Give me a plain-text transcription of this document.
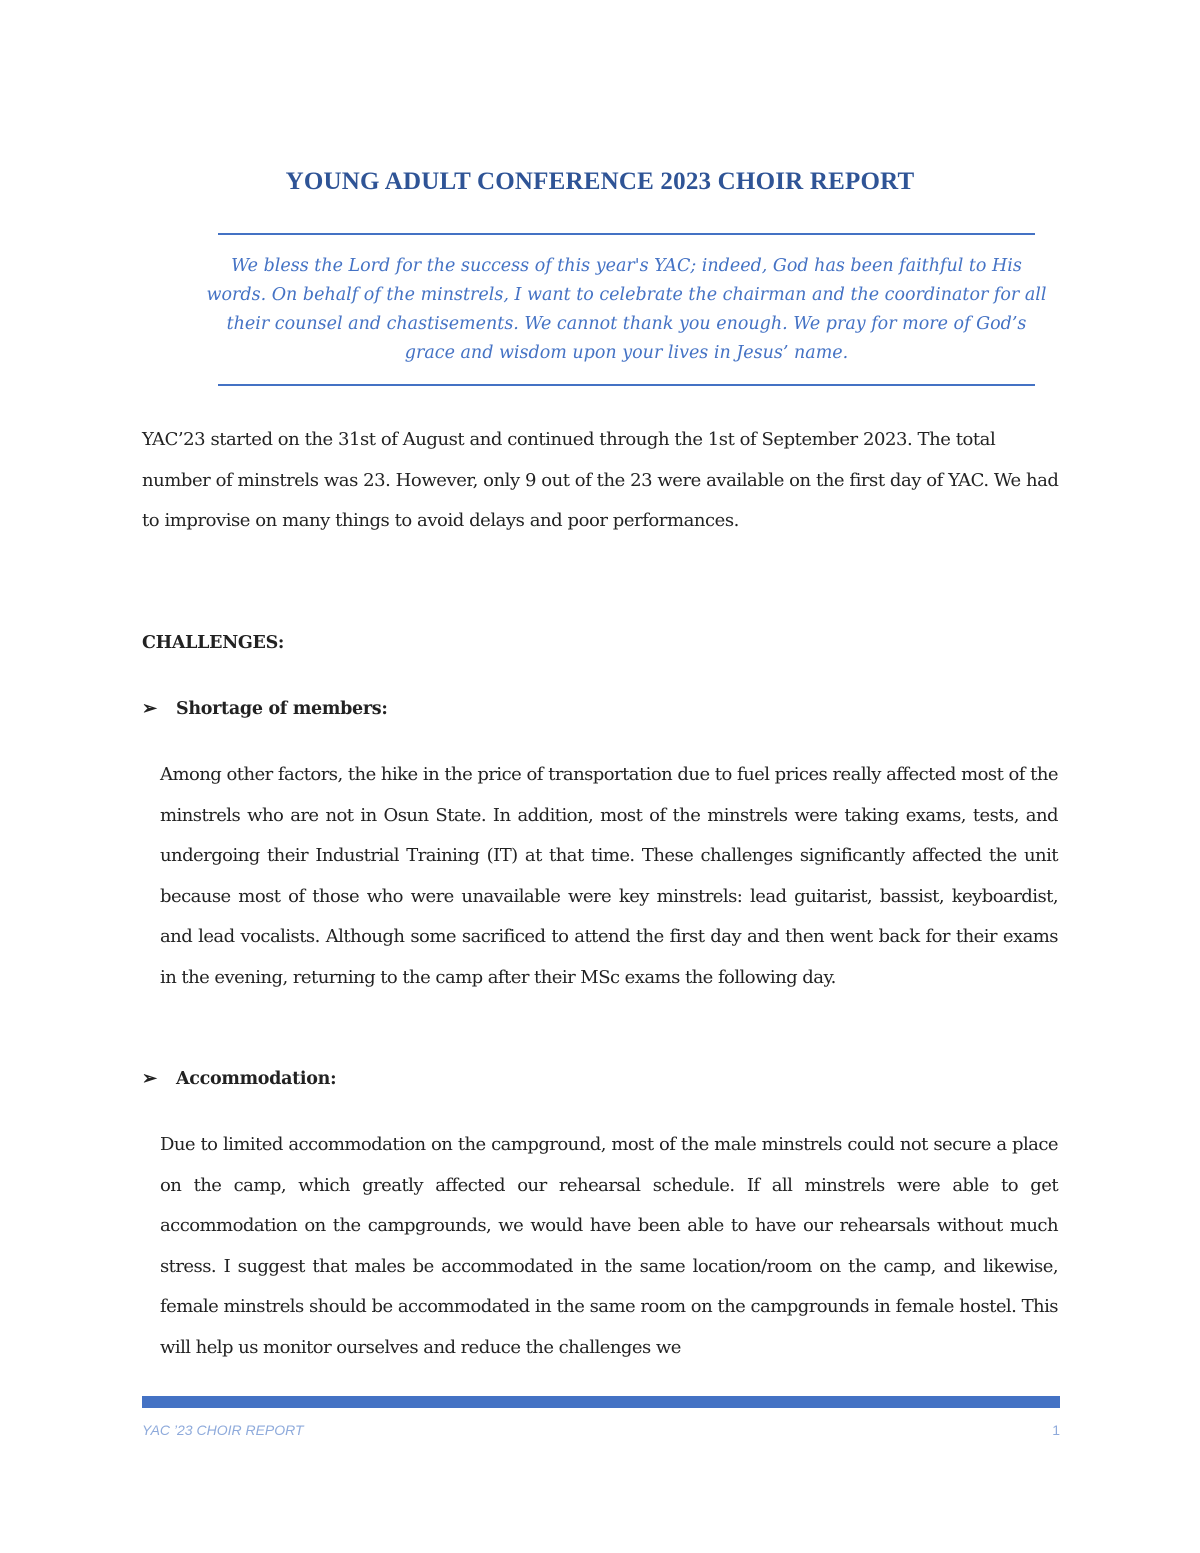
YOUNG ADULT CONFERENCE 2023 CHOIR REPORT
We bless the Lord for the success of this year's YAC; indeed, God has been faithful to His words. On behalf of the minstrels, I want to celebrate the chairman and the coordinator for all their counsel and chastisements. We cannot thank you enough. We pray for more of God’s grace and wisdom upon your lives in Jesus’ name.
YAC’23 started on the 31st of August and continued through the 1st of September 2023. The total number of minstrels was 23. However, only 9 out of the 23 were available on the first day of YAC. We had to improvise on many things to avoid delays and poor performances.
CHALLENGES:
➢	Shortage of members:
Among other factors, the hike in the price of transportation due to fuel prices really affected most of the minstrels who are not in Osun State. In addition, most of the minstrels were taking exams, tests, and undergoing their Industrial Training (IT) at that time. These challenges significantly affected the unit because most of those who were unavailable were key minstrels: lead guitarist, bassist, keyboardist, and lead vocalists. Although some sacrificed to attend the first day and then went back for their exams in the evening, returning to the camp after their MSc exams the following day.
➢	Accommodation:
Due to limited accommodation on the campground, most of the male minstrels could not secure a place on the camp, which greatly affected our rehearsal schedule. If all minstrels were able to get accommodation on the campgrounds, we would have been able to have our rehearsals without much stress. I suggest that males be accommodated in the same location/room on the camp, and likewise, female minstrels should be accommodated in the same room on the campgrounds in female hostel. This will help us monitor ourselves and reduce the challenges we
YAC ’23 CHOIR REPORT	1
